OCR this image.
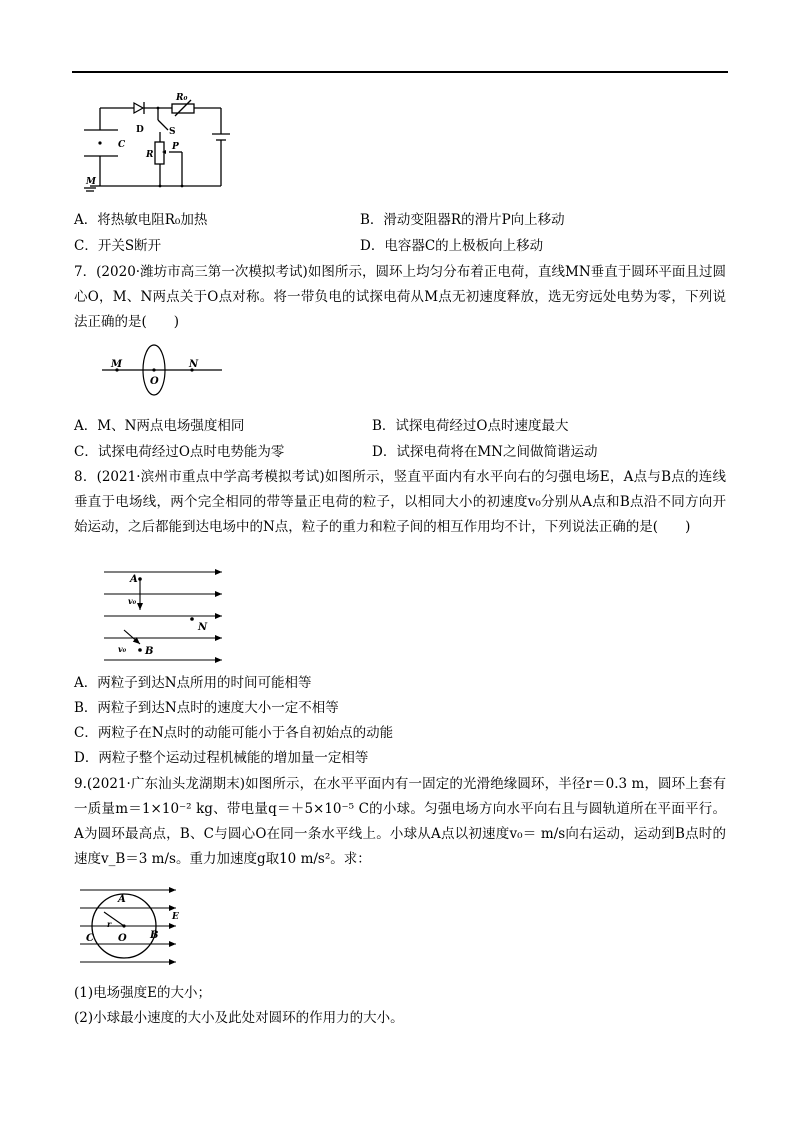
R₀
D	S
R
P
C
M
A．将热敏电阻R₀加热	B．滑动变阻器R的滑片P向上移动
C．开关S断开	D．电容器C的上极板向上移动
7．(2020·潍坊市高三第一次模拟考试)如图所示，圆环上均匀分布着正电荷，直线MN垂直于圆环平面且过圆心O，M、N两点关于O点对称。将一带负电的试探电荷从M点无初速度释放，选无穷远处电势为零，下列说法正确的是(　　)
M
O
N
A．M、N两点电场强度相同	B．试探电荷经过O点时速度最大
C．试探电荷经过O点时电势能为零	D．试探电荷将在MN之间做简谐运动
8．(2021·滨州市重点中学高考模拟考试)如图所示，竖直平面内有水平向右的匀强电场E，A点与B点的连线垂直于电场线，两个完全相同的带等量正电荷的粒子，以相同大小的初速度v₀分别从A点和B点沿不同方向开始运动，之后都能到达电场中的N点，粒子的重力和粒子间的相互作用均不计，下列说法正确的是(　　)
A
v₀
N
v₀ B
A．两粒子到达N点所用的时间可能相等
B．两粒子到达N点时的速度大小一定不相等
C．两粒子在N点时的动能可能小于各自初始点的动能
D．两粒子整个运动过程机械能的增加量一定相等
9.(2021·广东汕头龙湖期末)如图所示，在水平平面内有一固定的光滑绝缘圆环，半径r＝0.3 m，圆环上套有一质量m＝1×10⁻² kg、带电量q＝＋5×10⁻⁵ C的小球。匀强电场方向水平向右且与圆轨道所在平面平行。A为圆环最高点，B、C与圆心O在同一条水平线上。小球从A点以初速度v₀＝ m/s向右运动，运动到B点时的速度v_B＝3 m/s。重力加速度g取10 m/s²。求：
A
r
E
C O B
(1)电场强度E的大小；
(2)小球最小速度的大小及此处对圆环的作用力的大小。
